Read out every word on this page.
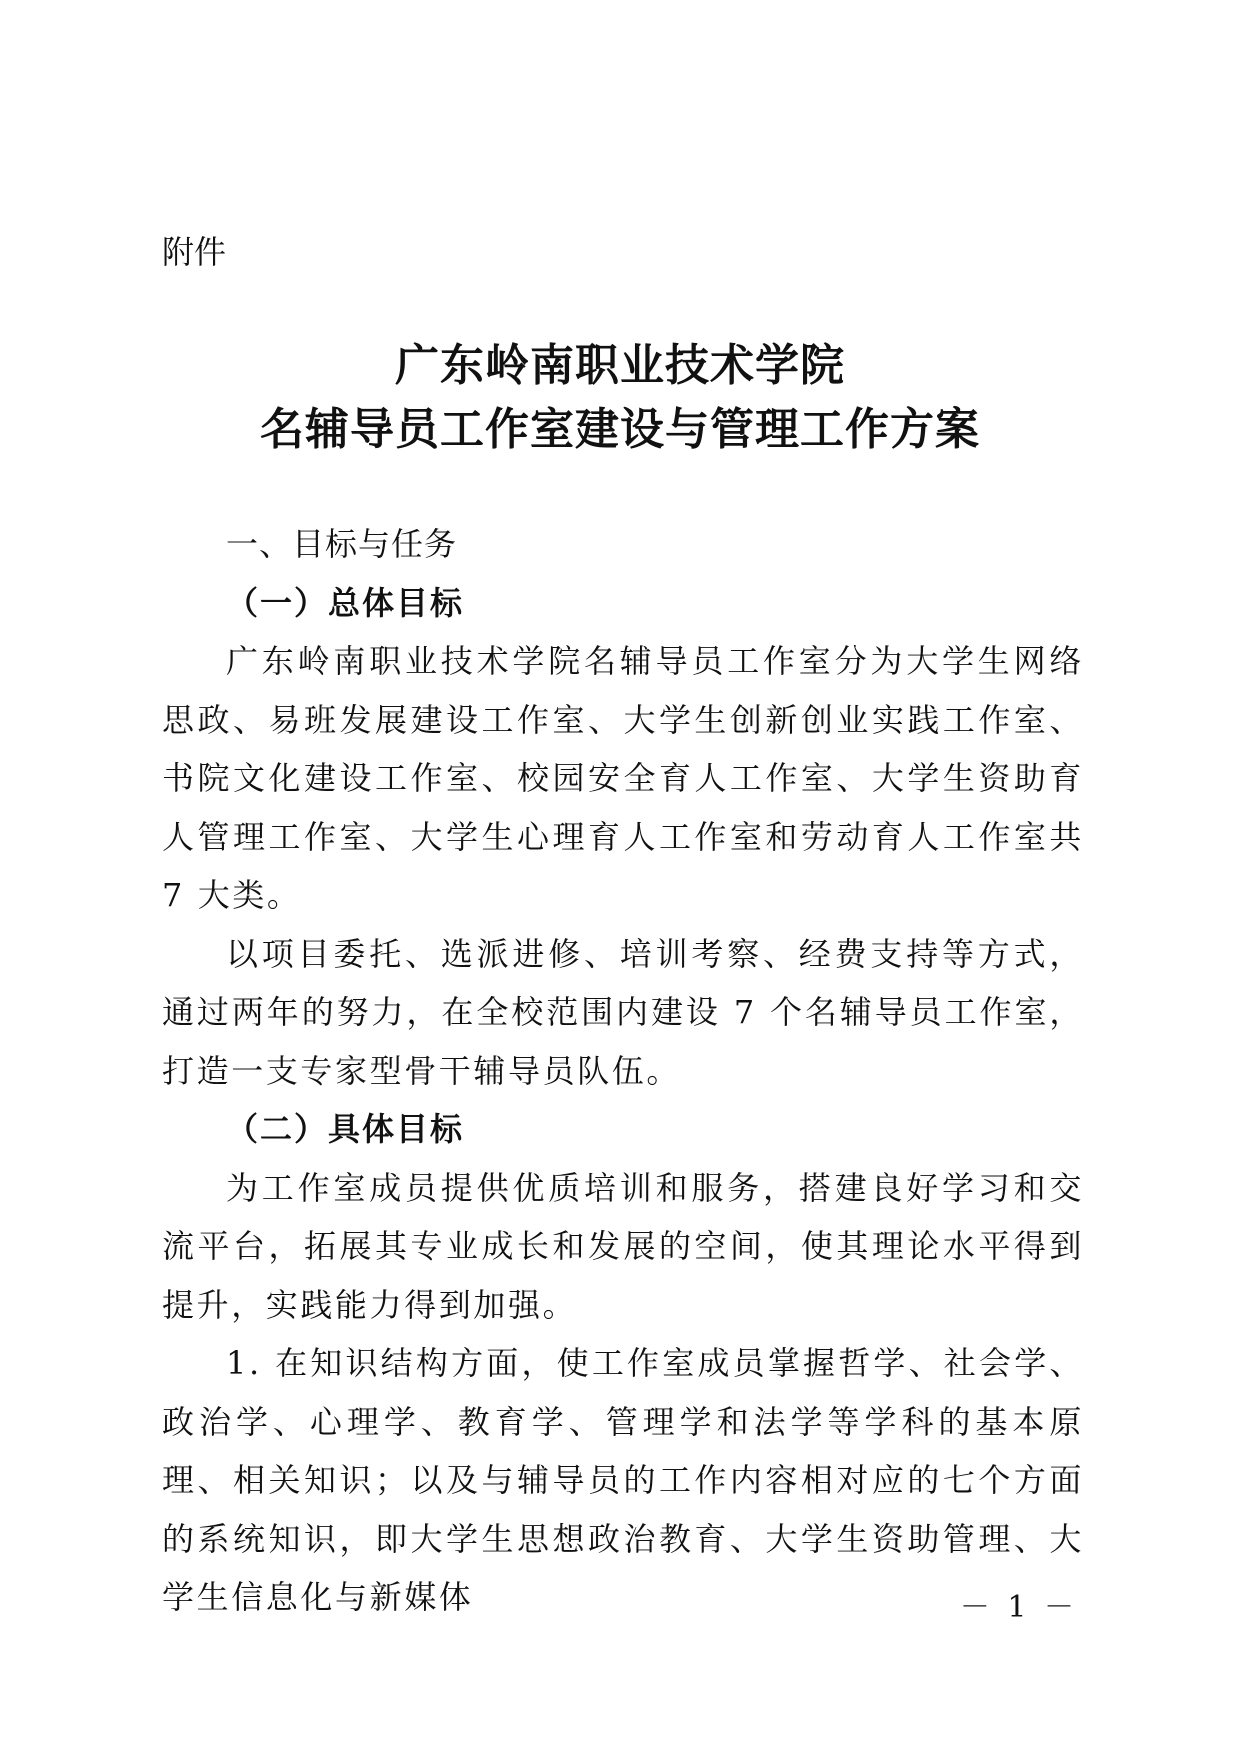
附件
广东岭南职业技术学院
名辅导员工作室建设与管理工作方案

一、目标与任务

（一）总体目标

广东岭南职业技术学院名辅导员工作室分为大学生网络思政、易班发展建设工作室、大学生创新创业实践工作室、书院文化建设工作室、校园安全育人工作室、大学生资助育人管理工作室、大学生心理育人工作室和劳动育人工作室共 7 大类。

以项目委托、选派进修、培训考察、经费支持等方式，通过两年的努力，在全校范围内建设 7 个名辅导员工作室，打造一支专家型骨干辅导员队伍。

（二）具体目标

为工作室成员提供优质培训和服务，搭建良好学习和交流平台，拓展其专业成长和发展的空间，使其理论水平得到提升，实践能力得到加强。

1. 在知识结构方面，使工作室成员掌握哲学、社会学、政治学、心理学、教育学、管理学和法学等学科的基本原理、相关知识；以及与辅导员的工作内容相对应的七个方面的系统知识，即大学生思想政治教育、大学生资助管理、大学生信息化与新媒体	－ 1 －
